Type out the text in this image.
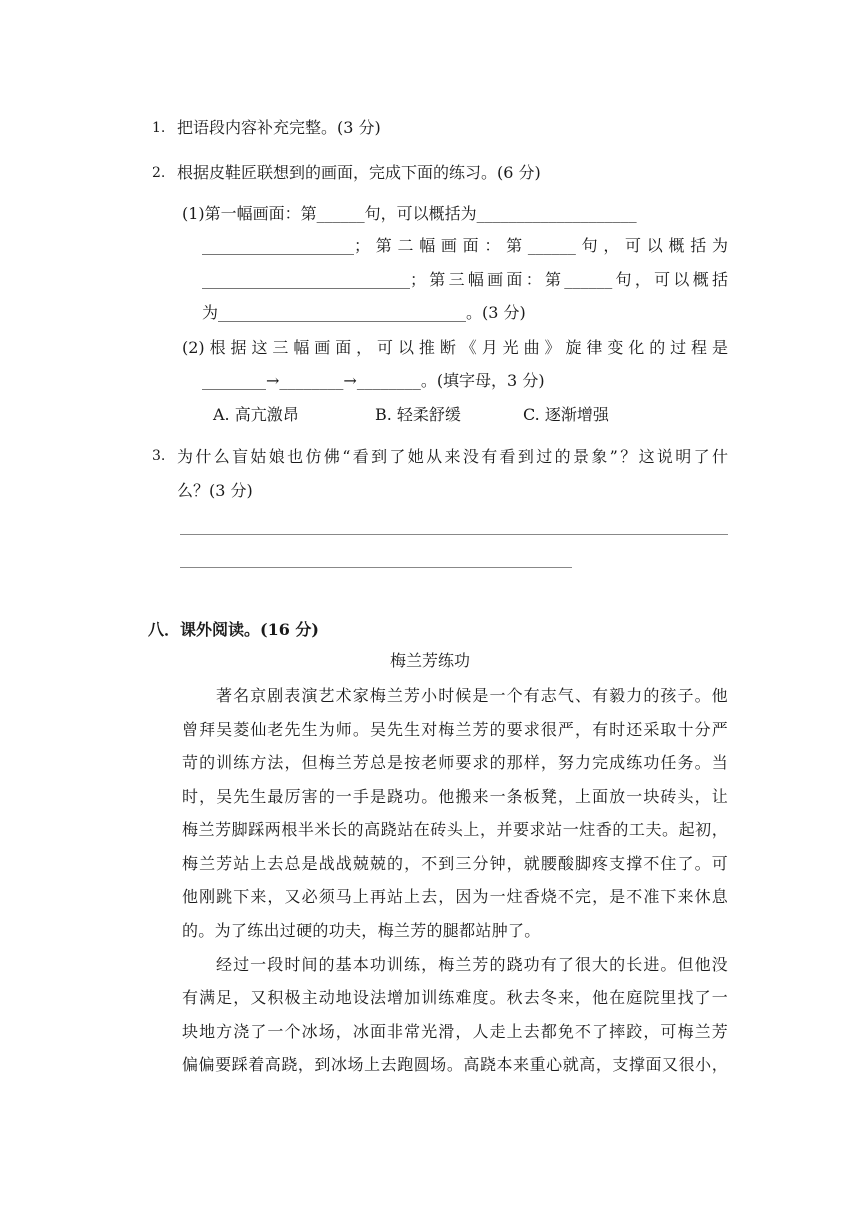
1. 把语段内容补充完整。(3 分)
2. 根据皮鞋匠联想到的画面，完成下面的练习。(6 分)
(1)第一幅画面：第______句，可以概括为____________________
___________________；第二幅画面：第______句，可以概括为
__________________________；第三幅画面：第______句，可以概括
为_______________________________。(3 分)
(2)根据这三幅画面，可以推断《月光曲》旋律变化的过程是
________→________→________。(填字母，3 分)
A. 高亢激昂	B. 轻柔舒缓	C. 逐渐增强
3. 为什么盲姑娘也仿佛“看到了她从来没有看到过的景象”？这说明了什
么？(3 分)
八．课外阅读。(16 分)
梅兰芳练功
著名京剧表演艺术家梅兰芳小时候是一个有志气、有毅力的孩子。他
曾拜吴菱仙老先生为师。吴先生对梅兰芳的要求很严，有时还采取十分严
苛的训练方法，但梅兰芳总是按老师要求的那样，努力完成练功任务。当
时，吴先生最厉害的一手是跷功。他搬来一条板凳，上面放一块砖头，让
梅兰芳脚踩两根半米长的高跷站在砖头上，并要求站一炷香的工夫。起初，
梅兰芳站上去总是战战兢兢的，不到三分钟，就腰酸脚疼支撑不住了。可
他刚跳下来，又必须马上再站上去，因为一炷香烧不完，是不准下来休息
的。为了练出过硬的功夫，梅兰芳的腿都站肿了。
经过一段时间的基本功训练，梅兰芳的跷功有了很大的长进。但他没
有满足，又积极主动地设法增加训练难度。秋去冬来，他在庭院里找了一
块地方浇了一个冰场，冰面非常光滑，人走上去都免不了摔跤，可梅兰芳
偏偏要踩着高跷，到冰场上去跑圆场。高跷本来重心就高，支撑面又很小，
